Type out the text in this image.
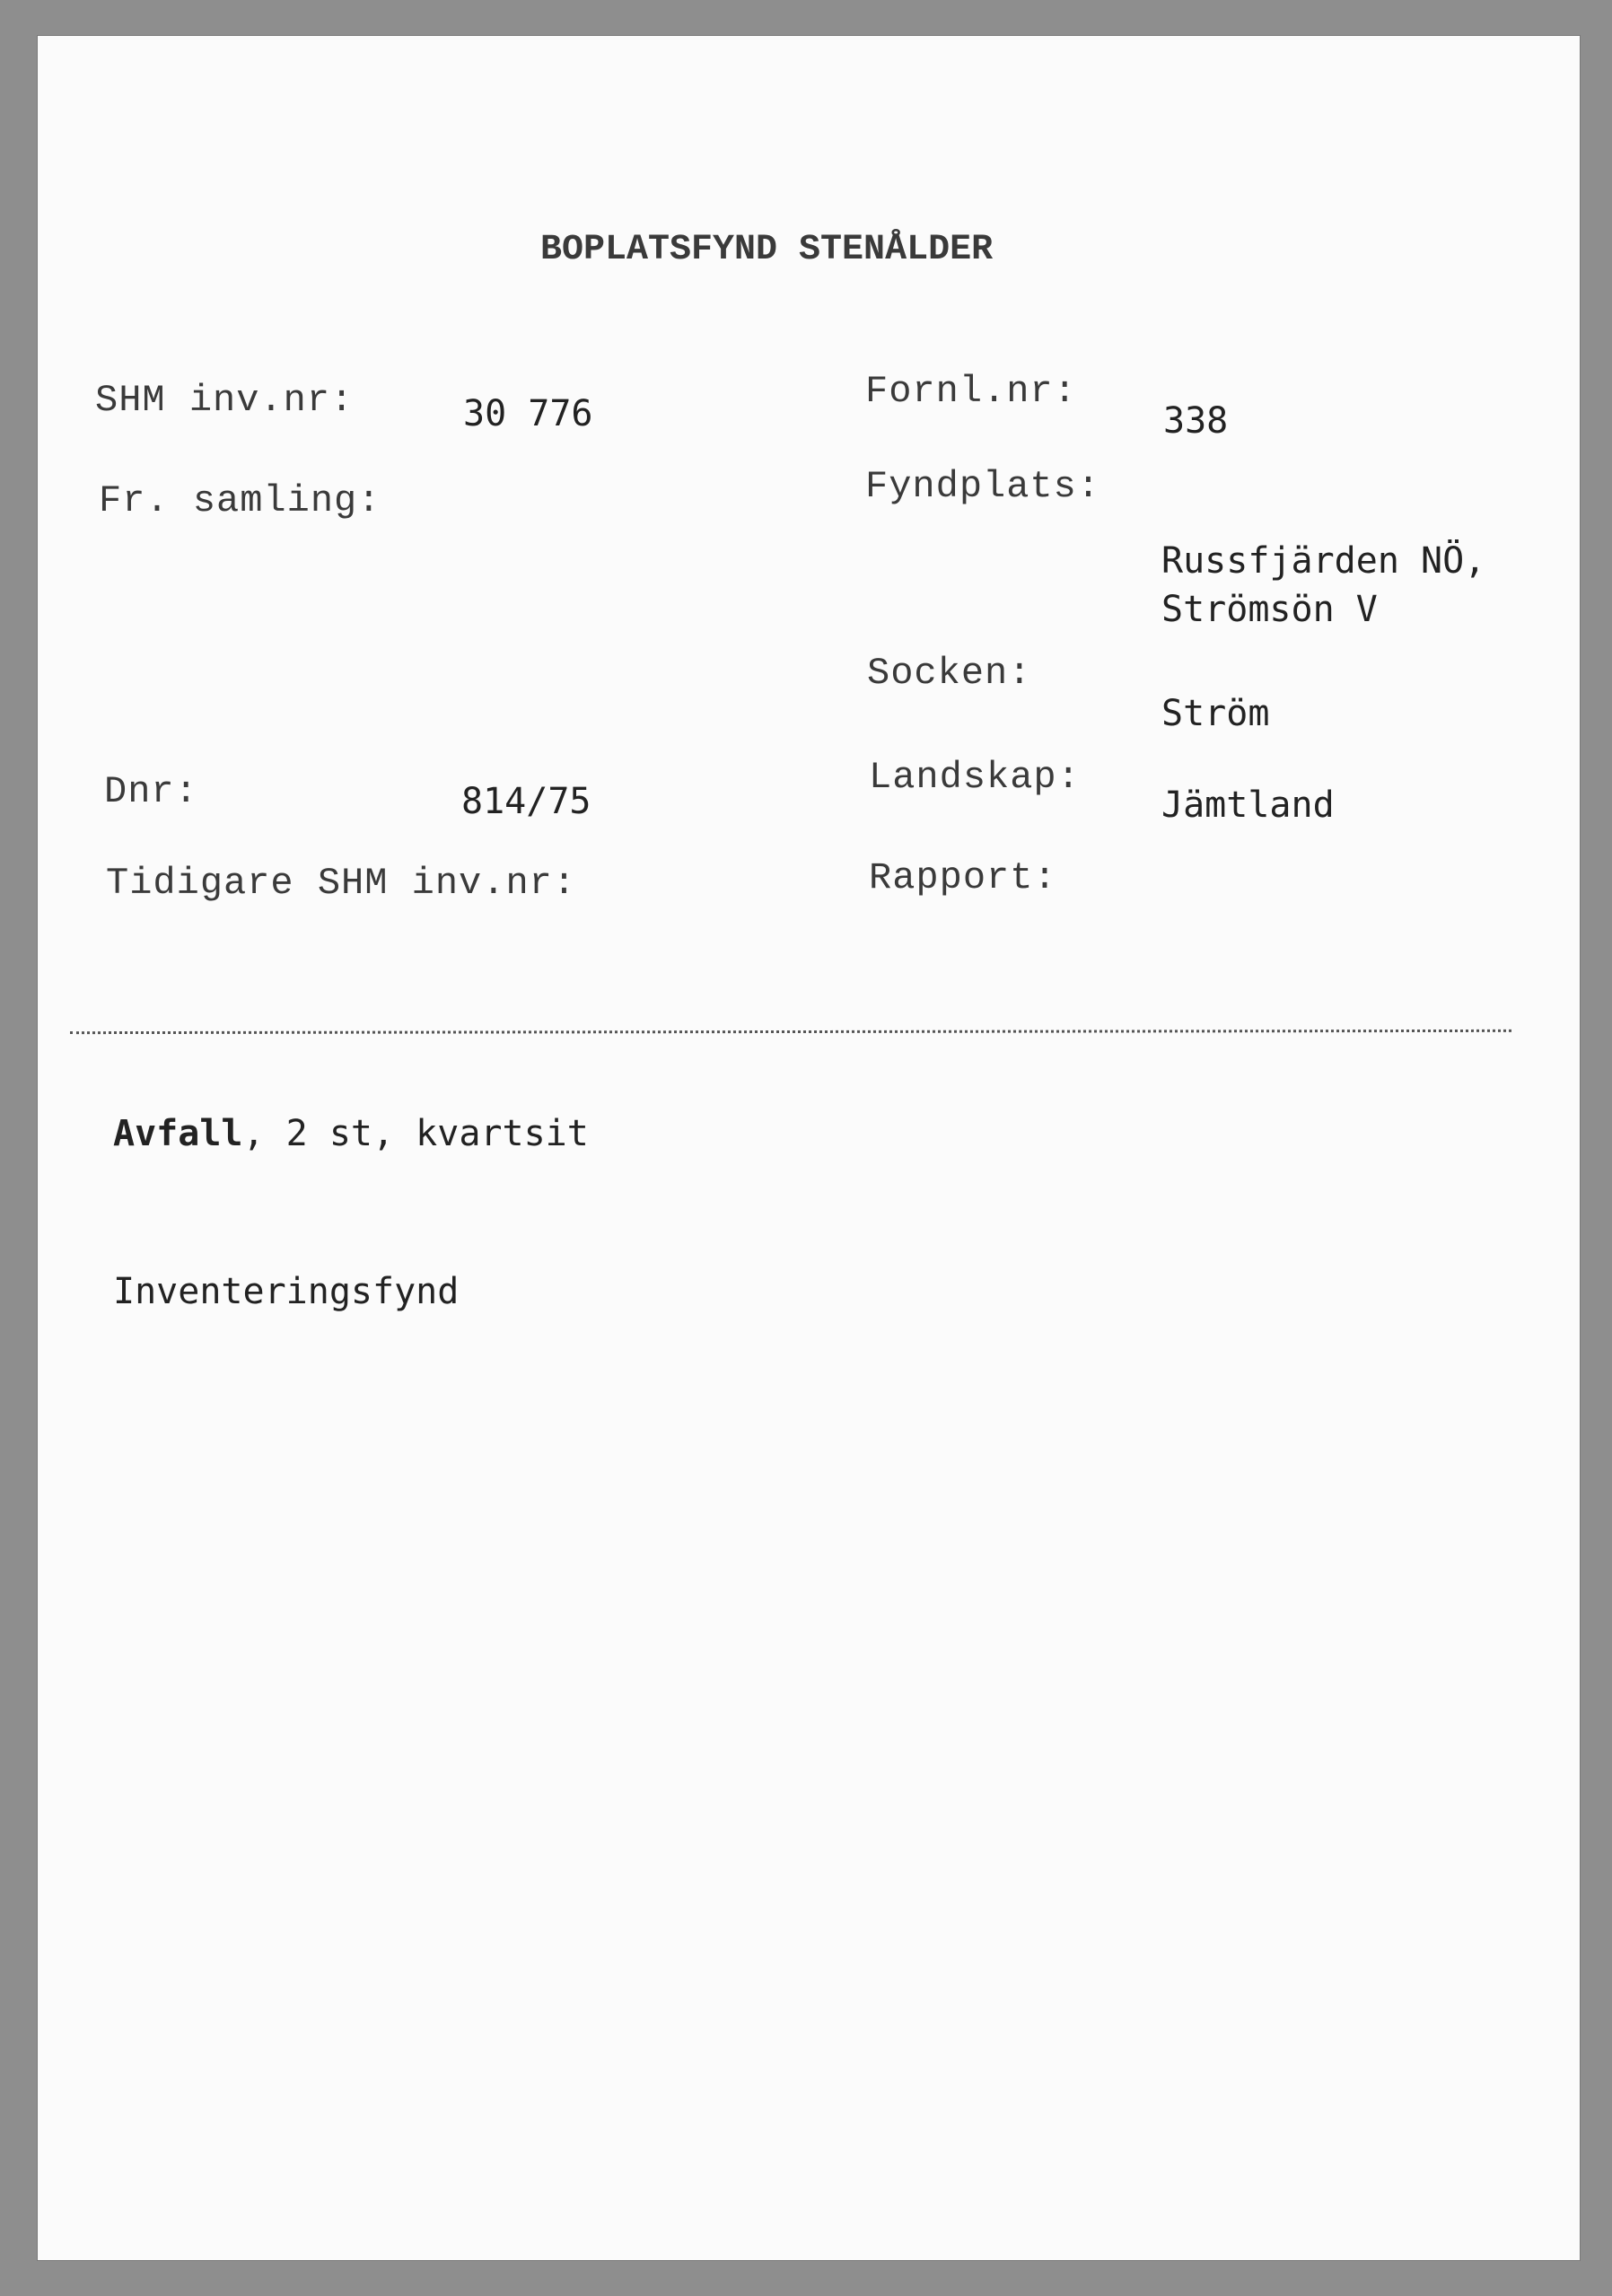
BOPLATSFYND STENÅLDER
SHM inv.nr:	30 776
Fr. samling:
Dnr:	814/75
Tidigare SHM inv.nr:
Fornl.nr:
338
Fyndplats:
Russfjärden NÖ,
Strömsön V
Socken:
Ström
Landskap:
Jämtland
Rapport:
Avfall, 2 st, kvartsit
Inventeringsfynd
